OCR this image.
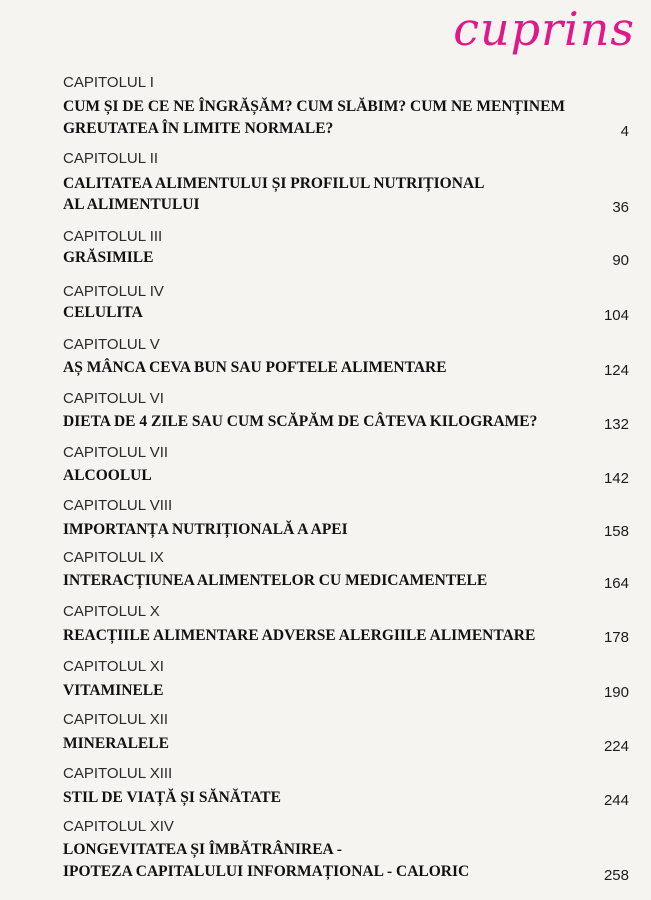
cuprins
CAPITOLUL I
CUM ȘI DE CE NE ÎNGRĂȘĂM? CUM SLĂBIM? CUM NE MENȚINEM
GREUTATEA ÎN LIMITE NORMALE?	4
CAPITOLUL II
CALITATEA ALIMENTULUI ȘI PROFILUL NUTRIȚIONAL
AL ALIMENTULUI	36
CAPITOLUL III
GRĂSIMILE	90
CAPITOLUL IV
CELULITA	104
CAPITOLUL V
AȘ MÂNCA CEVA BUN SAU POFTELE ALIMENTARE	124
CAPITOLUL VI
DIETA DE 4 ZILE SAU CUM SCĂPĂM DE CÂTEVA KILOGRAME?	132
CAPITOLUL VII
ALCOOLUL	142
CAPITOLUL VIII
IMPORTANȚA NUTRIȚIONALĂ A APEI	158
CAPITOLUL IX
INTERACȚIUNEA ALIMENTELOR CU MEDICAMENTELE	164
CAPITOLUL X
REACȚIILE ALIMENTARE ADVERSE ALERGIILE ALIMENTARE	178
CAPITOLUL XI
VITAMINELE	190
CAPITOLUL XII
MINERALELE	224
CAPITOLUL XIII
STIL DE VIAȚĂ ȘI SĂNĂTATE	244
CAPITOLUL XIV
LONGEVITATEA ȘI ÎMBĂTRÂNIREA -
IPOTEZA CAPITALULUI INFORMAȚIONAL - CALORIC	258
